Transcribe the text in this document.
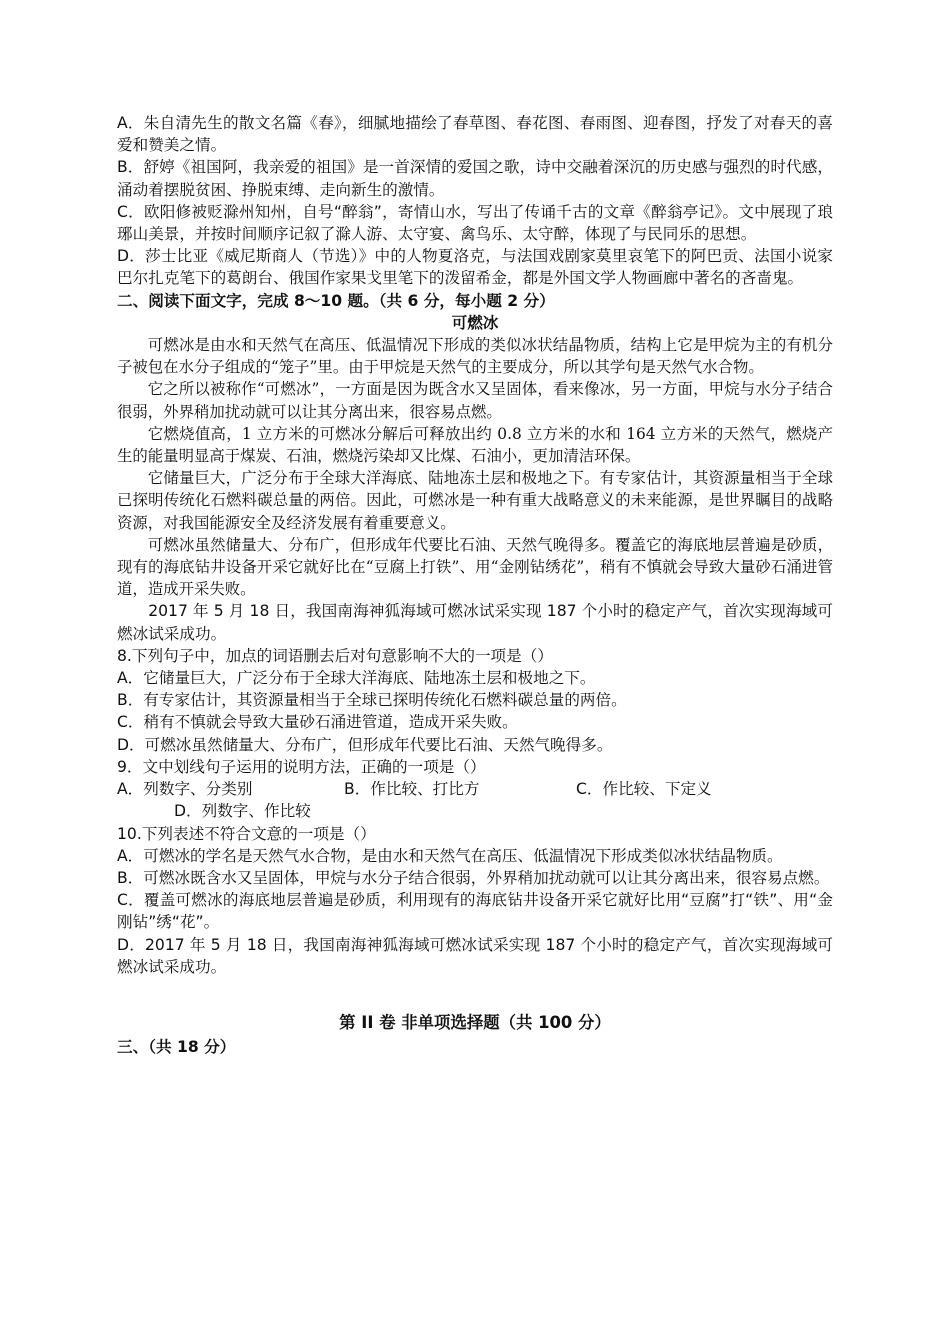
A．朱自清先生的散文名篇《春》，细腻地描绘了春草图、春花图、春雨图、迎春图，抒发了对春天的喜爱和赞美之情。

B．舒婷《祖国阿，我亲爱的祖国》是一首深情的爱国之歌，诗中交融着深沉的历史感与强烈的时代感，涌动着摆脱贫困、挣脱束缚、走向新生的激情。

C．欧阳修被贬滁州知州，自号“醉翁”，寄情山水，写出了传诵千古的文章《醉翁亭记》。文中展现了琅琊山美景，并按时间顺序记叙了滁人游、太守宴、禽鸟乐、太守醉，体现了与民同乐的思想。

D．莎士比亚《威尼斯商人（节选）》中的人物夏洛克，与法国戏剧家莫里哀笔下的阿巴贡、法国小说家巴尔扎克笔下的葛朗台、俄国作家果戈里笔下的泼留希金，都是外国文学人物画廊中著名的吝啬鬼。

二、阅读下面文字，完成 8～10 题。（共 6 分，每小题 2 分）

可燃冰

可燃冰是由水和天然气在高压、低温情况下形成的类似冰状结晶物质，结构上它是甲烷为主的有机分子被包在水分子组成的“笼子”里。由于甲烷是天然气的主要成分，所以其学句是天然气水合物。

它之所以被称作“可燃冰”，一方面是因为既含水又呈固体，看来像冰，另一方面，甲烷与水分子结合很弱，外界稍加扰动就可以让其分离出来，很容易点燃。

它燃烧值高，1 立方米的可燃冰分解后可释放出约 0.8 立方米的水和 164 立方米的天然气，燃烧产生的能量明显高于煤炭、石油，燃烧污染却又比煤、石油小，更加清洁环保。

它储量巨大，广泛分布于全球大洋海底、陆地冻土层和极地之下。有专家估计，其资源量相当于全球已探明传统化石燃料碳总量的两倍。因此，可燃冰是一种有重大战略意义的未来能源，是世界瞩目的战略资源，对我国能源安全及经济发展有着重要意义。

可燃冰虽然储量大、分布广，但形成年代要比石油、天然气晚得多。覆盖它的海底地层普遍是砂质，现有的海底钻井设备开采它就好比在“豆腐上打铁”、用“金刚钻绣花”，稍有不慎就会导致大量砂石涌进管道，造成开采失败。

2017 年 5 月 18 日，我国南海神狐海域可燃冰试采实现 187 个小时的稳定产气，首次实现海域可燃冰试采成功。

8.下列句子中，加点的词语删去后对句意影响不大的一项是（）

A．它储量巨大，广泛分布于全球大洋海底、陆地冻土层和极地之下。

B．有专家估计，其资源量相当于全球已探明传统化石燃料碳总量的两倍。

C．稍有不慎就会导致大量砂石涌进管道，造成开采失败。

D．可燃冰虽然储量大、分布广，但形成年代要比石油、天然气晚得多。

9．文中划线句子运用的说明方法，正确的一项是（）

A．列数字、分类别	B．作比较、打比方	C．作比较、下定义

D．列数字、作比较

10.下列表述不符合文意的一项是（）

A．可燃冰的学名是天然气水合物，是由水和天然气在高压、低温情况下形成类似冰状结晶物质。

B．可燃冰既含水又呈固体，甲烷与水分子结合很弱，外界稍加扰动就可以让其分离出来，很容易点燃。

C．覆盖可燃冰的海底地层普遍是砂质，利用现有的海底钻井设备开采它就好比用“豆腐”打“铁”、用“金刚钻”绣“花”。

D．2017 年 5 月 18 日，我国南海神狐海域可燃冰试采实现 187 个小时的稳定产气，首次实现海域可燃冰试采成功。

第 II 卷 非单项选择题（共 100 分）

三、（共 18 分）
